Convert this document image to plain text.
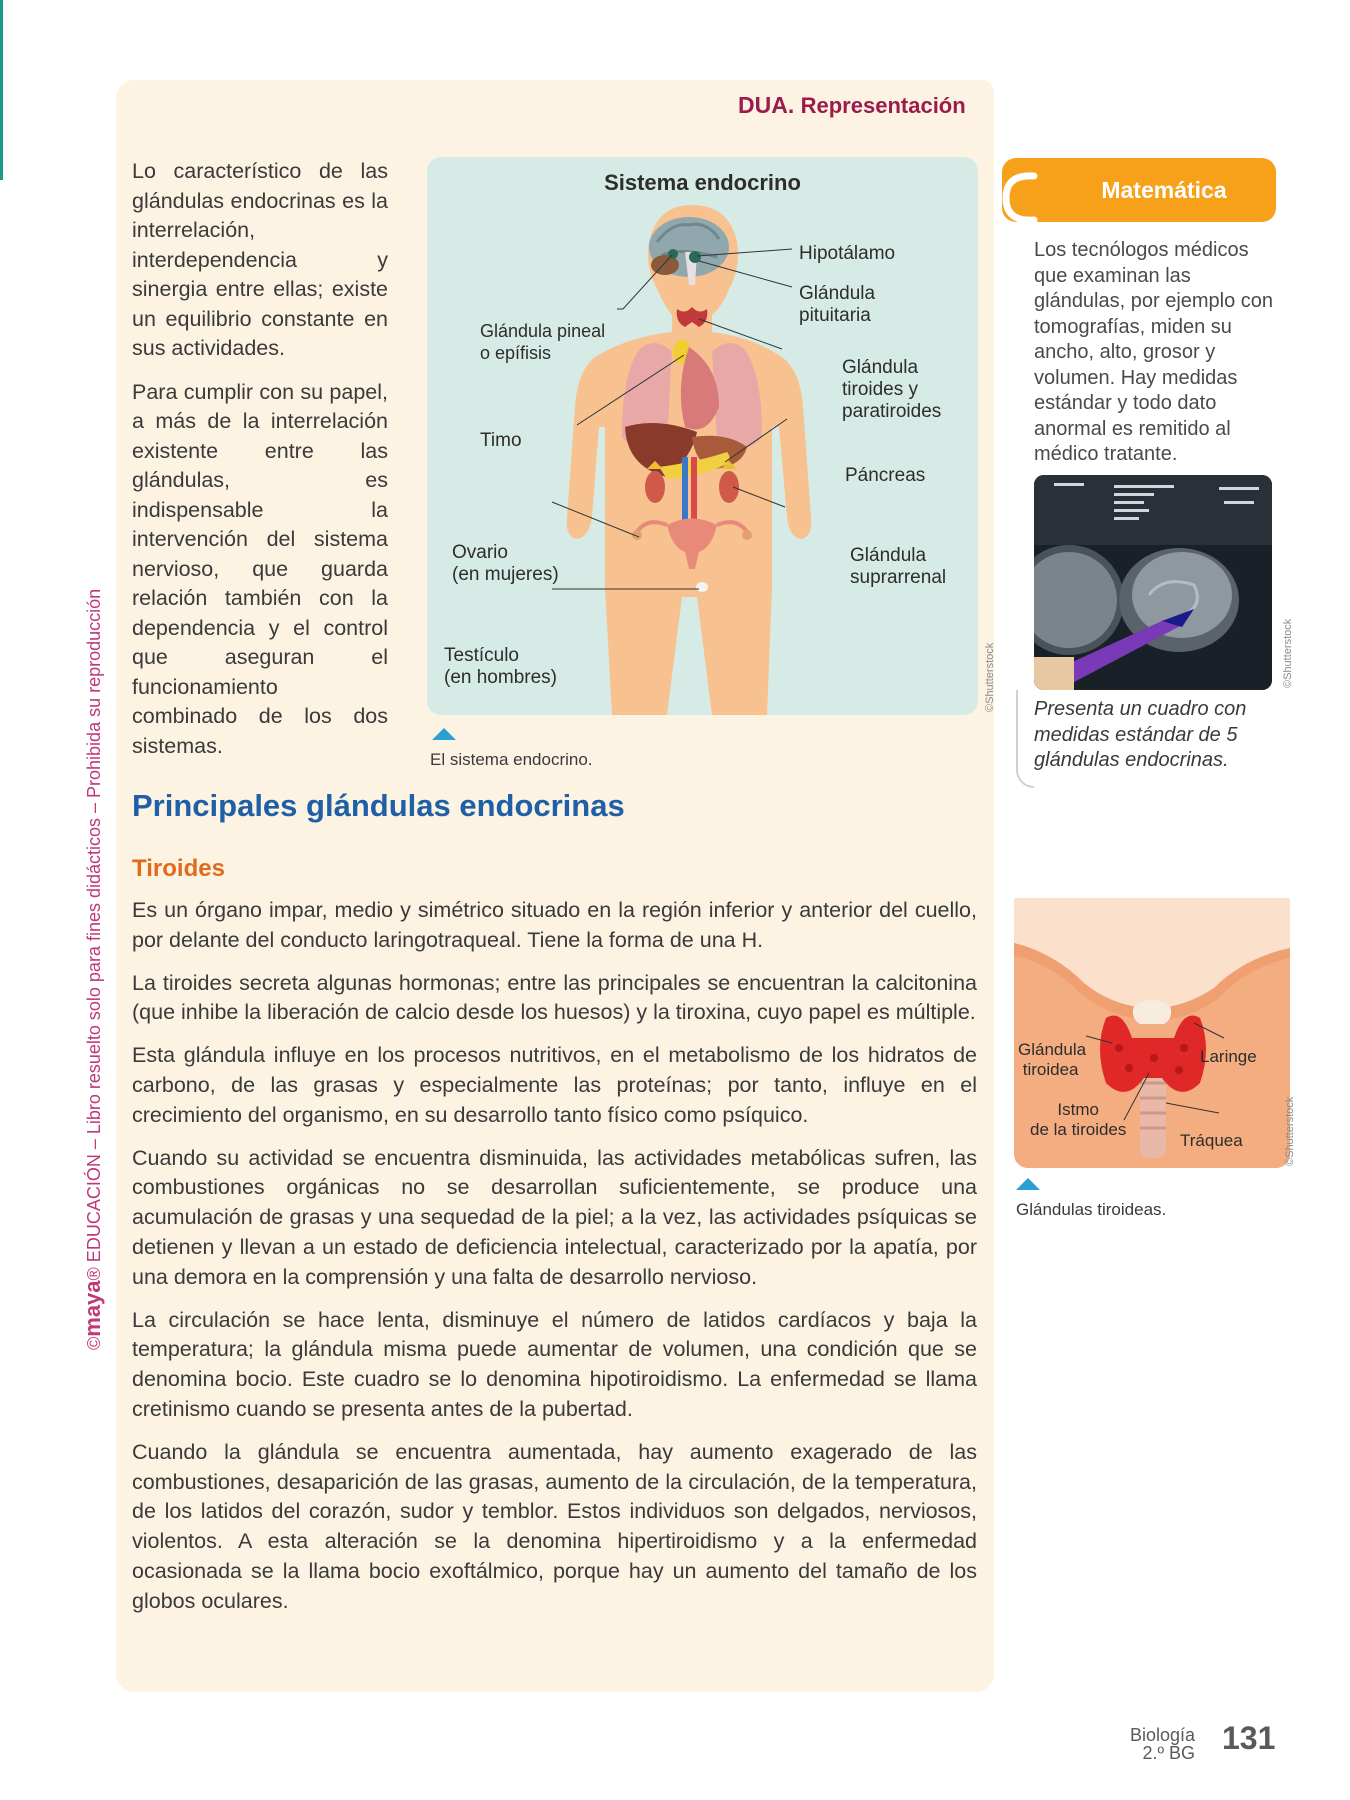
©maya® EDUCACIÓN – Libro resuelto solo para fines didácticos – Prohibida su reproducción
DUA. Representación

Lo característico de las glándulas endocrinas es la interrelación, interdependencia y sinergia entre ellas; existe un equilibrio constante en sus actividades.

Para cumplir con su papel, a más de la interrelación existente entre las glándulas, es indispensable la intervención del sistema nervioso, que guarda relación también con la dependencia y el control que aseguran el funcionamiento combinado de los dos sistemas.

Sistema endocrino
Hipotálamo
Glándula
pituitaria
Glándula pineal
o epífisis
Glándula
tiroides y
paratiroides
Timo
Páncreas
Ovario
(en mujeres)
Glándula
suprarrenal
Testículo
(en hombres)	©Shutterstock
El sistema endocrino.
Principales glándulas endocrinas
Tiroides

Es un órgano impar, medio y simétrico situado en la región inferior y anterior del cuello, por delante del conducto laringotraqueal. Tiene la forma de una H.

La tiroides secreta algunas hormonas; entre las principales se encuentran la calcitonina (que inhibe la liberación de calcio desde los huesos) y la tiroxina, cuyo papel es múltiple.

Esta glándula influye en los procesos nutritivos, en el metabolismo de los hidratos de carbono, de las grasas y especialmente las proteínas; por tanto, influye en el crecimiento del organismo, en su desarrollo tanto físico como psíquico.

Cuando su actividad se encuentra disminuida, las actividades metabólicas sufren, las combustiones orgánicas no se desarrollan suficientemente, se produce una acumulación de grasas y una sequedad de la piel; a la vez, las actividades psíquicas se detienen y llevan a un estado de deficiencia intelectual, caracterizado por la apatía, por una demora en la comprensión y una falta de desarrollo nervioso.

La circulación se hace lenta, disminuye el número de latidos cardíacos y baja la temperatura; la glándula misma puede aumentar de volumen, una condición que se denomina bocio. Este cuadro se lo denomina hipotiroidismo. La enfermedad se llama cretinismo cuando se presenta antes de la pubertad.

Cuando la glándula se encuentra aumentada, hay aumento exagerado de las combustiones, desaparición de las grasas, aumento de la circulación, de la temperatura, de los latidos del corazón, sudor y temblor. Estos individuos son delgados, nerviosos, violentos. A esta alteración se la denomina hipertiroidismo y a la enfermedad ocasionada se la llama bocio exoftálmico, porque hay un aumento del tamaño de los globos oculares.

Matemática
Los tecnólogos médicos que examinan las glándulas, por ejemplo con tomografías, miden su ancho, alto, grosor y volumen. Hay medidas estándar y todo dato anormal es remitido al médico tratante.
©Shutterstock
Presenta un cuadro con medidas estándar de 5 glándulas endocrinas.
Glándula
tiroidea
Laringe
Istmo
de la tiroides
Tráquea	©Shutterstock
Glándulas tiroideas.
Biología
2.º BG 131
